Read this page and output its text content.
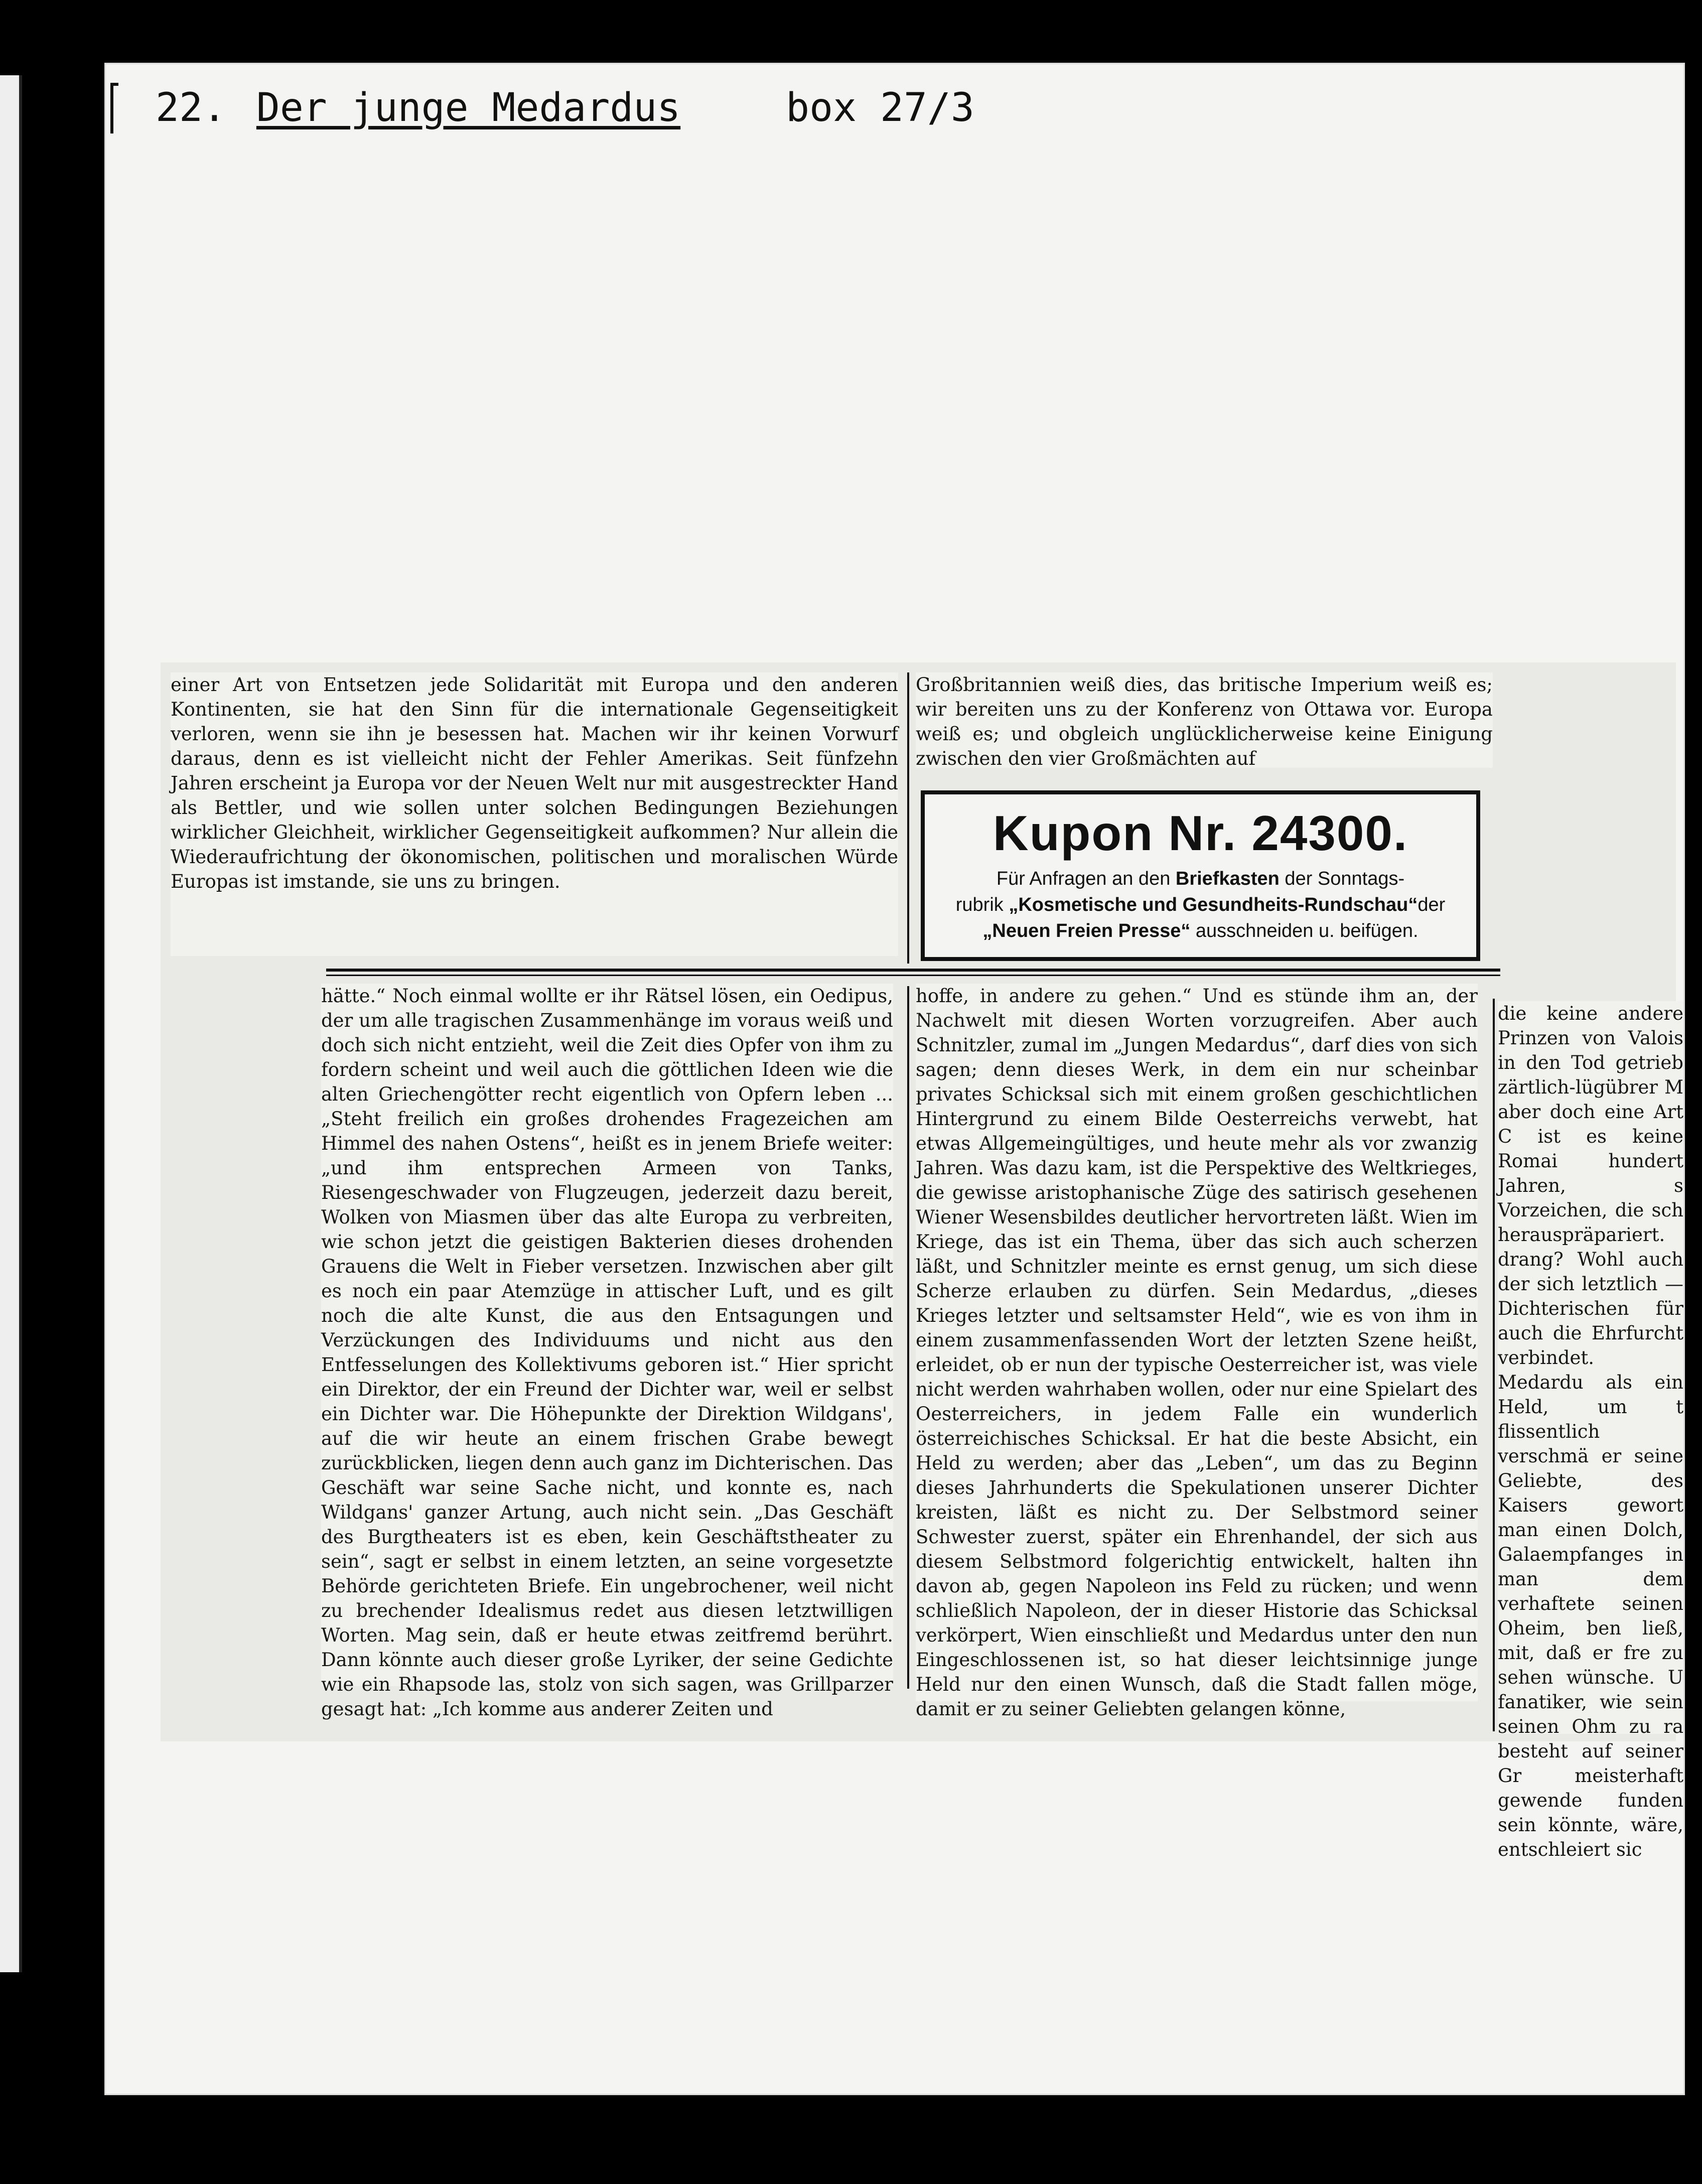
22. Der junge Medardus	box 27/3

einer Art von Entsetzen jede Solidarität mit Europa und den anderen Kontinenten, sie hat den Sinn für die internationale Gegenseitigkeit verloren, wenn sie ihn je besessen hat. Machen wir ihr keinen Vorwurf daraus, denn es ist vielleicht nicht der Fehler Amerikas. Seit fünfzehn Jahren erscheint ja Europa vor der Neuen Welt nur mit ausgestreckter Hand als Bettler, und wie sollen unter solchen Bedingungen Beziehungen wirklicher Gleichheit, wirklicher Gegenseitigkeit aufkommen? Nur allein die Wiederaufrichtung der ökonomischen, politischen und moralischen Würde Europas ist imstande, sie uns zu bringen.

Großbritannien weiß dies, das britische Imperium weiß es; wir bereiten uns zu der Konferenz von Ottawa vor. Europa weiß es; und obgleich unglücklicherweise keine Einigung zwischen den vier Großmächten auf

Kupon Nr. 24300.
Für Anfragen an den Briefkasten der Sonntags-
rubrik „Kosmetische und Gesundheits-Rundschau“der
„Neuen Freien Presse“ ausschneiden u. beifügen.

hätte.“ Noch einmal wollte er ihr Rätsel lösen, ein Oedipus, der um alle tragischen Zusammenhänge im voraus weiß und doch sich nicht entzieht, weil die Zeit dies Opfer von ihm zu fordern scheint und weil auch die göttlichen Ideen wie die alten Griechengötter recht eigentlich von Opfern leben ... „Steht freilich ein großes drohendes Fragezeichen am Himmel des nahen Ostens“, heißt es in jenem Briefe weiter: „und ihm entsprechen Armeen von Tanks, Riesengeschwader von Flugzeugen, jederzeit dazu bereit, Wolken von Miasmen über das alte Europa zu verbreiten, wie schon jetzt die geistigen Bakterien dieses drohenden Grauens die Welt in Fieber versetzen. Inzwischen aber gilt es noch ein paar Atemzüge in attischer Luft, und es gilt noch die alte Kunst, die aus den Entsagungen und Verzückungen des Individuums und nicht aus den Entfesselungen des Kollektivums geboren ist.“ Hier spricht ein Direktor, der ein Freund der Dichter war, weil er selbst ein Dichter war. Die Höhepunkte der Direktion Wildgans', auf die wir heute an einem frischen Grabe bewegt zurückblicken, liegen denn auch ganz im Dichterischen. Das Geschäft war seine Sache nicht, und konnte es, nach Wildgans' ganzer Artung, auch nicht sein. „Das Geschäft des Burgtheaters ist es eben, kein Geschäftstheater zu sein“, sagt er selbst in einem letzten, an seine vorgesetzte Behörde gerichteten Briefe. Ein ungebrochener, weil nicht zu brechender Idealismus redet aus diesen letztwilligen Worten. Mag sein, daß er heute etwas zeitfremd berührt. Dann könnte auch dieser große Lyriker, der seine Gedichte wie ein Rhapsode las, stolz von sich sagen, was Grillparzer gesagt hat: „Ich komme aus anderer Zeiten und

hoffe, in andere zu gehen.“ Und es stünde ihm an, der Nachwelt mit diesen Worten vorzugreifen. Aber auch Schnitzler, zumal im „Jungen Medardus“, darf dies von sich sagen; denn dieses Werk, in dem ein nur scheinbar privates Schicksal sich mit einem großen geschichtlichen Hintergrund zu einem Bilde Oesterreichs verwebt, hat etwas Allgemeingültiges, und heute mehr als vor zwanzig Jahren. Was dazu kam, ist die Perspektive des Weltkrieges, die gewisse aristophanische Züge des satirisch gesehenen Wiener Wesensbildes deutlicher hervortreten läßt. Wien im Kriege, das ist ein Thema, über das sich auch scherzen läßt, und Schnitzler meinte es ernst genug, um sich diese Scherze erlauben zu dürfen. Sein Medardus, „dieses Krieges letzter und seltsamster Held“, wie es von ihm in einem zusammenfassenden Wort der letzten Szene heißt, erleidet, ob er nun der typische Oesterreicher ist, was viele nicht werden wahrhaben wollen, oder nur eine Spielart des Oesterreichers, in jedem Falle ein wunderlich österreichisches Schicksal. Er hat die beste Absicht, ein Held zu werden; aber das „Leben“, um das zu Beginn dieses Jahrhunderts die Spekulationen unserer Dichter kreisten, läßt es nicht zu. Der Selbstmord seiner Schwester zuerst, später ein Ehrenhandel, der sich aus diesem Selbstmord folgerichtig entwickelt, halten ihn davon ab, gegen Napoleon ins Feld zu rücken; und wenn schließlich Napoleon, der in dieser Historie das Schicksal verkörpert, Wien einschließt und Medardus unter den nun Eingeschlossenen ist, so hat dieser leichtsinnige junge Held nur den einen Wunsch, daß die Stadt fallen möge, damit er zu seiner Geliebten gelangen könne,

die keine andere Prinzen von Valois in den Tod getrieb zärtlich-lügübrer M aber doch eine Art C ist es keine Romai hundert Jahren, s Vorzeichen, die sch herauspräpariert. drang? Wohl auch der sich letztlich — Dichterischen für auch die Ehrfurcht verbindet. Medardu als ein Held, um t flissentlich verschmä er seine Geliebte, des Kaisers gewort man einen Dolch, Galaempfanges in man dem verhaftete seinen Oheim, ben ließ, mit, daß er fre zu sehen wünsche. U fanatiker, wie sein seinen Ohm zu ra besteht auf seiner Gr meisterhaft gewende funden sein könnte, wäre, entschleiert sic
